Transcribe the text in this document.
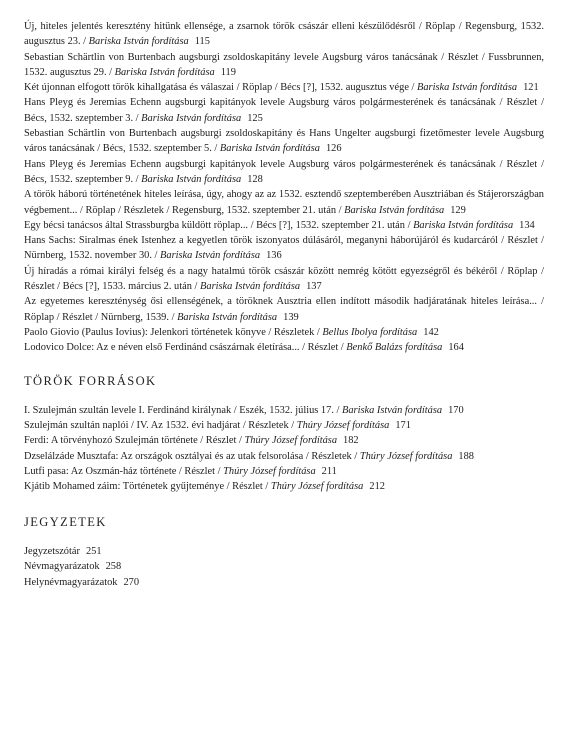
Új, hiteles jelentés keresztény hitünk ellensége, a zsarnok török császár elleni készülődésről / Röplap / Regensburg, 1532. augusztus 23. / Bariska István fordítása 115

Sebastian Schärtlin von Burtenbach augsburgi zsoldoskapitány levele Augsburg város tanácsának / Részlet / Fussbrunnen, 1532. augusztus 29. / Bariska István fordítása 119

Két újonnan elfogott török kihallgatása és válaszai / Röplap / Bécs [?], 1532. augusztus vége / Bariska István fordítása 121

Hans Pleyg és Jeremias Echenn augsburgi kapitányok levele Augsburg város polgármesterének és tanácsának / Részlet / Bécs, 1532. szeptember 3. / Bariska István fordítása 125

Sebastian Schärtlin von Burtenbach augsburgi zsoldoskapitány és Hans Ungelter augsburgi fizetőmester levele Augsburg város tanácsának / Bécs, 1532. szeptember 5. / Bariska István fordítása 126

Hans Pleyg és Jeremias Echenn augsburgi kapitányok levele Augsburg város polgármesterének és tanácsának / Részlet / Bécs, 1532. szeptember 9. / Bariska István fordítása 128

A török háború történetének hiteles leírása, úgy, ahogy az az 1532. esztendő szeptemberében Ausztriában és Stájerországban végbement... / Röplap / Részletek / Regensburg, 1532. szeptember 21. után / Bariska István fordítása 129

Egy bécsi tanácsos által Strassburgba küldött röplap... / Bécs [?], 1532. szeptember 21. után / Bariska István fordítása 134

Hans Sachs: Siralmas ének Istenhez a kegyetlen török iszonyatos dúlásáról, meganyni háborújáról és kudarcáról / Részlet / Nürnberg, 1532. november 30. / Bariska István fordítása 136

Új híradás a római királyi felség és a nagy hatalmú török császár között nemrég kötött egyezségről és békéről / Röplap / Részlet / Bécs [?], 1533. március 2. után / Bariska István fordítása 137

Az egyetemes kereszténység ősi ellenségének, a töröknek Ausztria ellen indított második hadjáratának hiteles leírása... / Röplap / Részlet / Nürnberg, 1539. / Bariska István fordítása 139

Paolo Giovio (Paulus Iovius): Jelenkori történetek könyve / Részletek / Bellus Ibolya fordítása 142

Lodovico Dolce: Az e néven első Ferdinánd császárnak életírása... / Részlet / Benkő Balázs fordítása 164

TÖRÖK FORRÁSOK

I. Szulejmán szultán levele I. Ferdinánd királynak / Eszék, 1532. július 17. / Bariska István fordítása 170

Szulejmán szultán naplói / IV. Az 1532. évi hadjárat / Részletek / Thúry József fordítása 171

Ferdi: A törvényhozó Szulejmán története / Részlet / Thúry József fordítása 182

Dzselálzáde Musztafa: Az országok osztályai és az utak felsorolása / Részletek / Thúry József fordítása 188

Lutfi pasa: Az Oszmán-ház története / Részlet / Thúry József fordítása 211

Kjátib Mohamed záim: Történetek gyűjteménye / Részlet / Thúry József fordítása 212

JEGYZETEK

Jegyzetszótár 251

Névmagyarázatok 258

Helynévmagyarázatok 270
